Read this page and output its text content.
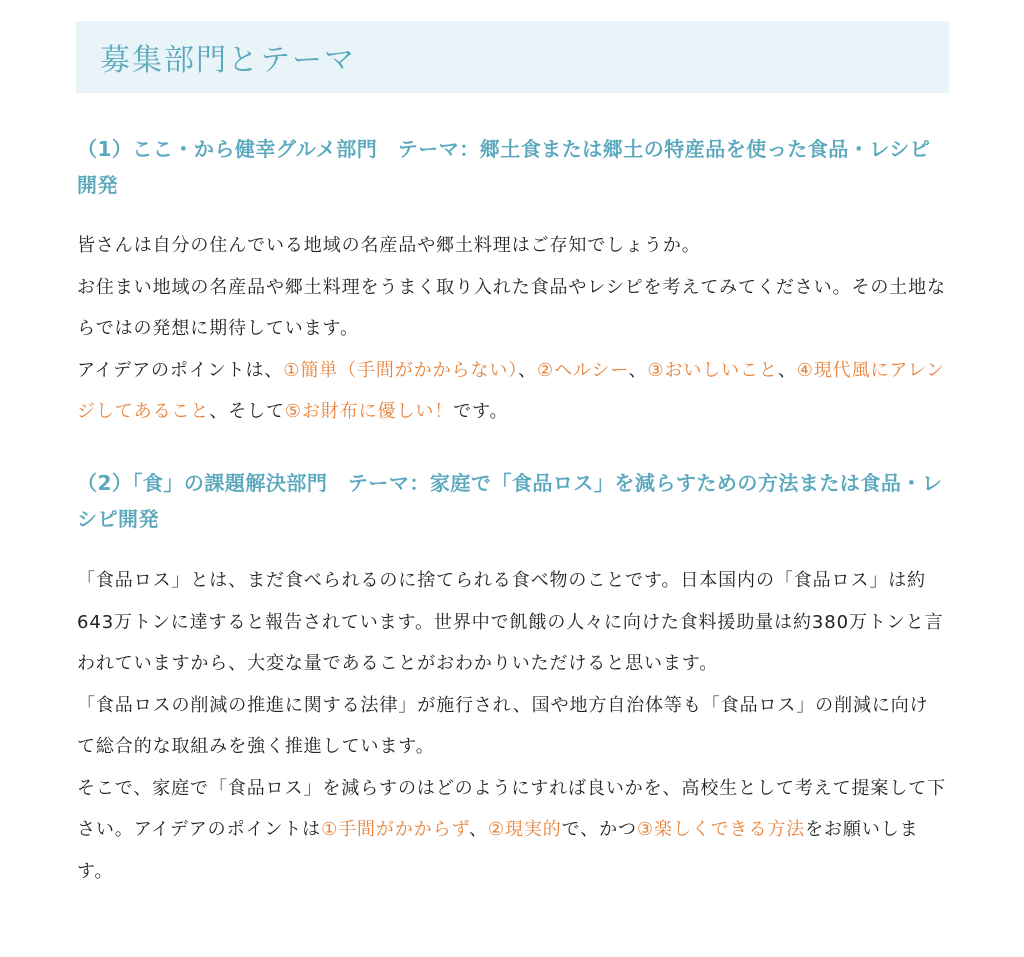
募集部門とテーマ
（1）ここ・から健幸グルメ部門　テーマ：郷土食または郷土の特産品を使った食品・レシピ開発

皆さんは自分の住んでいる地域の名産品や郷土料理はご存知でしょうか。

お住まい地域の名産品や郷土料理をうまく取り入れた食品やレシピを考えてみてください。その土地ならではの発想に期待しています。

アイデアのポイントは、①簡単（手間がかからない）、②ヘルシー、③おいしいこと、④現代風にアレンジしてあること、そして⑤お財布に優しい！です。

（2）「食」の課題解決部門　テーマ：家庭で「食品ロス」を減らすための方法または食品・レシピ開発

「食品ロス」とは、まだ食べられるのに捨てられる食べ物のことです。日本国内の「食品ロス」は約643万トンに達すると報告されています。世界中で飢餓の人々に向けた食料援助量は約380万トンと言われていますから、大変な量であることがおわかりいただけると思います。

「食品ロスの削減の推進に関する法律」が施行され、国や地方自治体等も「食品ロス」の削減に向けて総合的な取組みを強く推進しています。

そこで、家庭で「食品ロス」を減らすのはどのようにすれば良いかを、高校生として考えて提案して下さい。アイデアのポイントは①手間がかからず、②現実的で、かつ③楽しくできる方法をお願いします。
